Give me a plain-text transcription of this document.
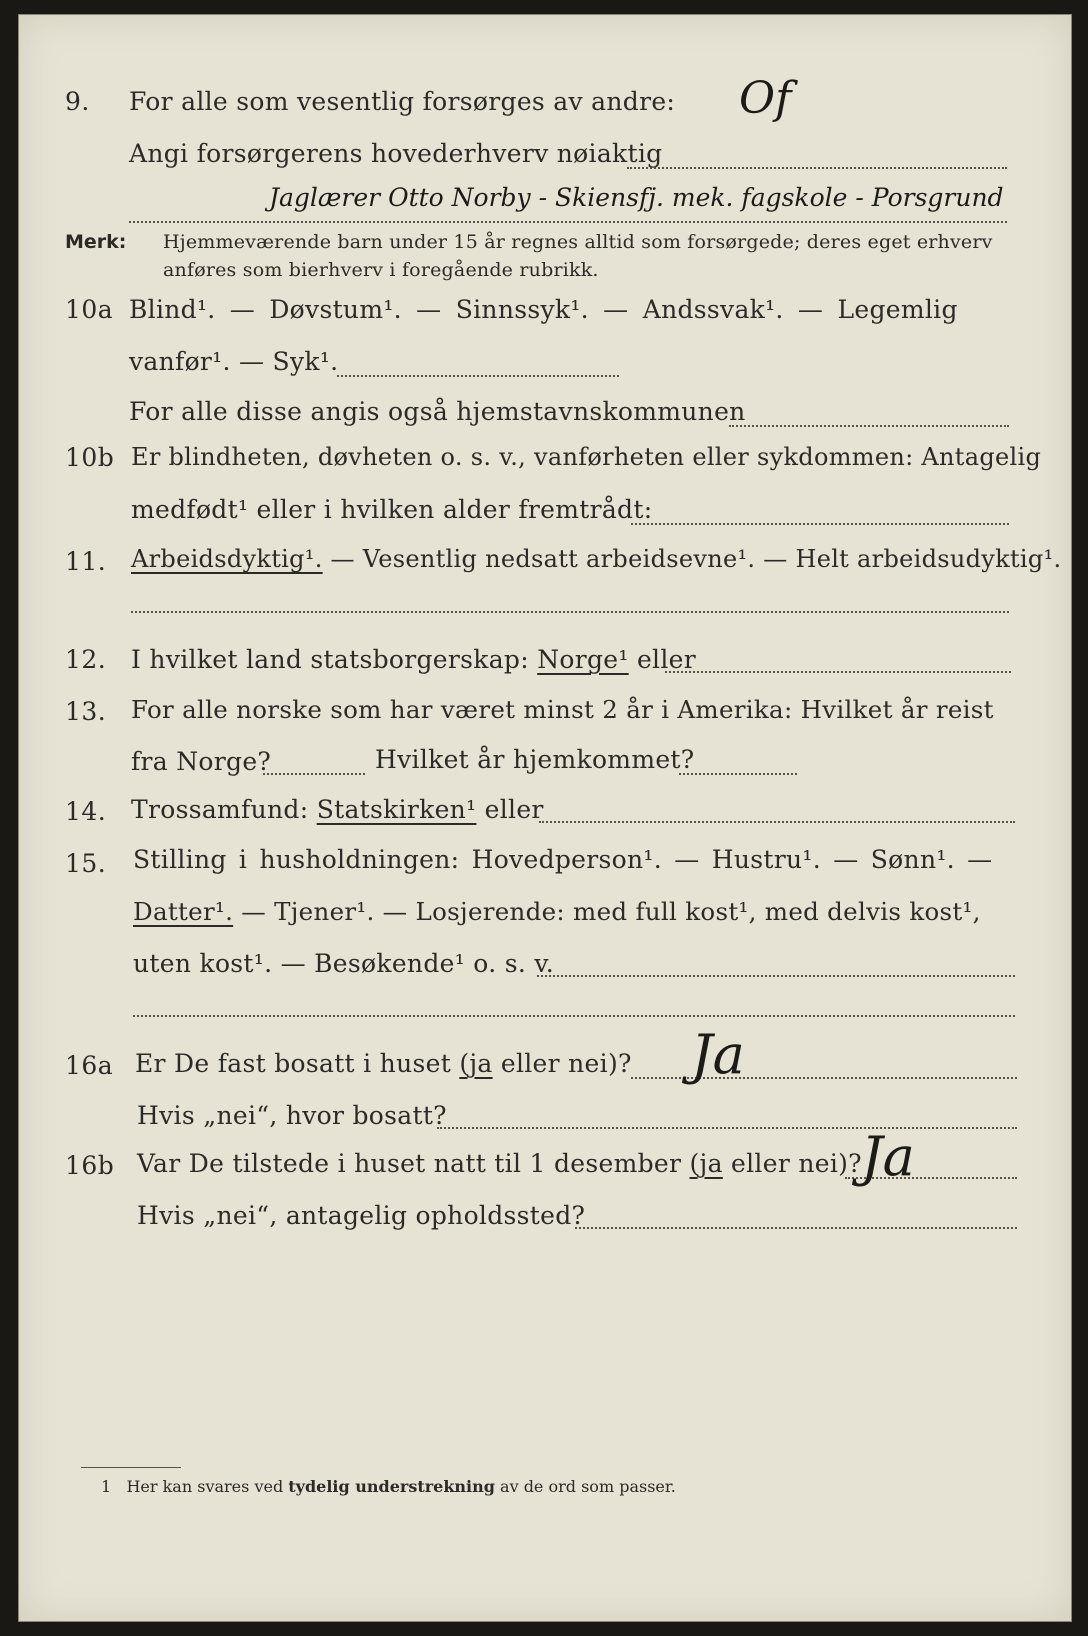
9. For alle som vesentlig forsørges av andre: Of
Angi forsørgerens hovederhverv nøiaktig
Jaglærer Otto Norby - Skiensfj. mek. fagskole - Porsgrund
Merk: Hjemmeværende barn under 15 år regnes alltid som forsørgede; deres eget erhverv
anføres som bierhverv i foregående rubrikk.
10a Blind¹. — Døvstum¹. — Sinnssyk¹. — Andssvak¹. — Legemlig
vanfør¹. — Syk¹.
For alle disse angis også hjemstavnskommunen
10b Er blindheten, døvheten o. s. v., vanførheten eller sykdommen: Antagelig
medfødt¹ eller i hvilken alder fremtrådt:
11. Arbeidsdyktig¹. — Vesentlig nedsatt arbeidsevne¹. — Helt arbeidsudyktig¹.
12. I hvilket land statsborgerskap: Norge¹ eller
13. For alle norske som har været minst 2 år i Amerika: Hvilket år reist
fra Norge?	Hvilket år hjemkommet?
14. Trossamfund: Statskirken¹ eller
15. Stilling i husholdningen: Hovedperson¹. — Hustru¹. — Sønn¹. —
Datter¹. — Tjener¹. — Losjerende: med full kost¹, med delvis kost¹,
uten kost¹. — Besøkende¹ o. s. v.
16a Er De fast bosatt i huset (ja eller nei)? Ja
Hvis „nei“, hvor bosatt?
16b Var De tilstede i huset natt til 1 desember (ja eller nei)? Ja
Hvis „nei“, antagelig opholdssted?
1 Her kan svares ved tydelig understrekning av de ord som passer.
